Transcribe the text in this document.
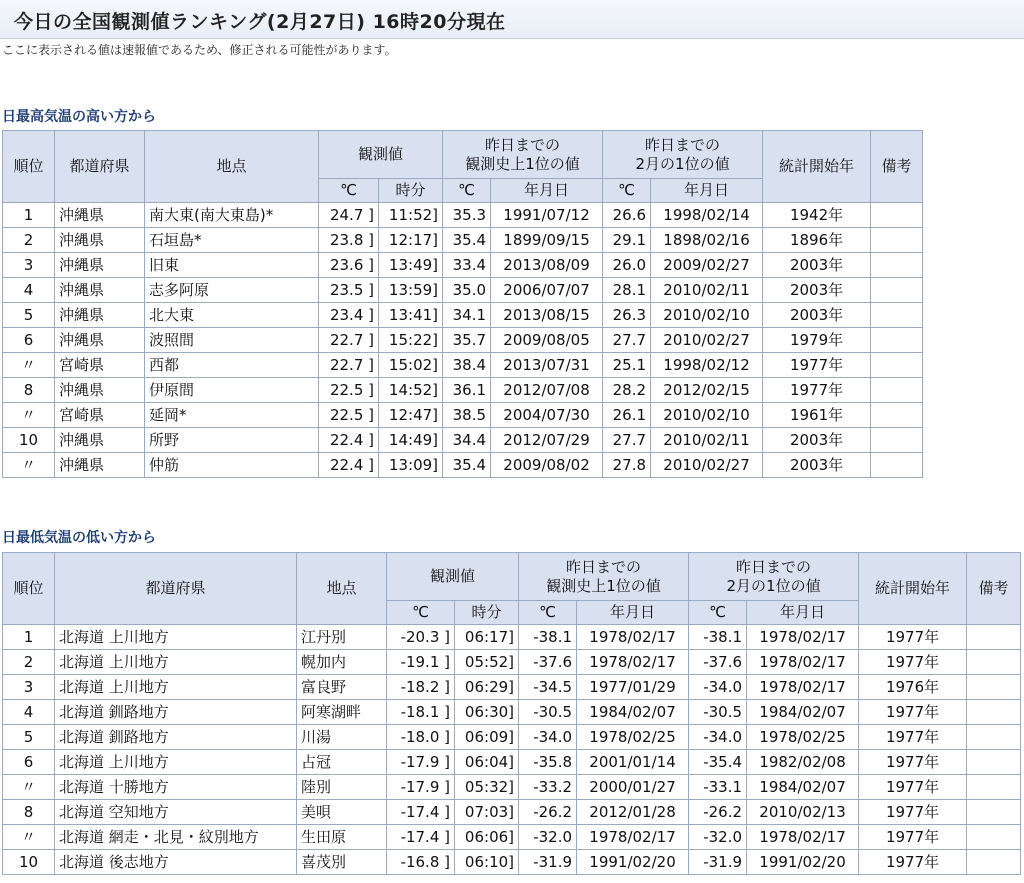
今日の全国観測値ランキング(2月27日) 16時20分現在
ここに表示される値は速報値であるため、修正される可能性があります。
日最高気温の高い方から
順位	都道府県	地点	観測値		昨日までの
観測史上1位の値		昨日までの
2月の1位の値		統計開始年	備考
			℃	時分	℃	年月日	℃	年月日		
1	沖縄県	南大東(南大東島)*	24.7 ]	11:52]	35.3	1991/07/12	26.6	1998/02/14	1942年	
2	沖縄県	石垣島*	23.8 ]	12:17]	35.4	1899/09/15	29.1	1898/02/16	1896年	
3	沖縄県	旧東	23.6 ]	13:49]	33.4	2013/08/09	26.0	2009/02/27	2003年	
4	沖縄県	志多阿原	23.5 ]	13:59]	35.0	2006/07/07	28.1	2010/02/11	2003年	
5	沖縄県	北大東	23.4 ]	13:41]	34.1	2013/08/15	26.3	2010/02/10	2003年	
6	沖縄県	波照間	22.7 ]	15:22]	35.7	2009/08/05	27.7	2010/02/27	1979年	
〃	宮崎県	西都	22.7 ]	15:02]	38.4	2013/07/31	25.1	1998/02/12	1977年	
8	沖縄県	伊原間	22.5 ]	14:52]	36.1	2012/07/08	28.2	2012/02/15	1977年	
〃	宮崎県	延岡*	22.5 ]	12:47]	38.5	2004/07/30	26.1	2010/02/10	1961年	
10	沖縄県	所野	22.4 ]	14:49]	34.4	2012/07/29	27.7	2010/02/11	2003年	
〃	沖縄県	仲筋	22.4 ]	13:09]	35.4	2009/08/02	27.8	2010/02/27	2003年	
日最低気温の低い方から
順位	都道府県	地点	観測値		昨日までの
観測史上1位の値		昨日までの
2月の1位の値		統計開始年	備考
			℃	時分	℃	年月日	℃	年月日		
1	北海道 上川地方	江丹別	-20.3 ]	06:17]	-38.1	1978/02/17	-38.1	1978/02/17	1977年	
2	北海道 上川地方	幌加内	-19.1 ]	05:52]	-37.6	1978/02/17	-37.6	1978/02/17	1977年	
3	北海道 上川地方	富良野	-18.2 ]	06:29]	-34.5	1977/01/29	-34.0	1978/02/17	1976年	
4	北海道 釧路地方	阿寒湖畔	-18.1 ]	06:30]	-30.5	1984/02/07	-30.5	1984/02/07	1977年	
5	北海道 釧路地方	川湯	-18.0 ]	06:09]	-34.0	1978/02/25	-34.0	1978/02/25	1977年	
6	北海道 上川地方	占冠	-17.9 ]	06:04]	-35.8	2001/01/14	-35.4	1982/02/08	1977年	
〃	北海道 十勝地方	陸別	-17.9 ]	05:32]	-33.2	2000/01/27	-33.1	1984/02/07	1977年	
8	北海道 空知地方	美唄	-17.4 ]	07:03]	-26.2	2012/01/28	-26.2	2010/02/13	1977年	
〃	北海道 網走・北見・紋別地方	生田原	-17.4 ]	06:06]	-32.0	1978/02/17	-32.0	1978/02/17	1977年	
10	北海道 後志地方	喜茂別	-16.8 ]	06:10]	-31.9	1991/02/20	-31.9	1991/02/20	1977年	
